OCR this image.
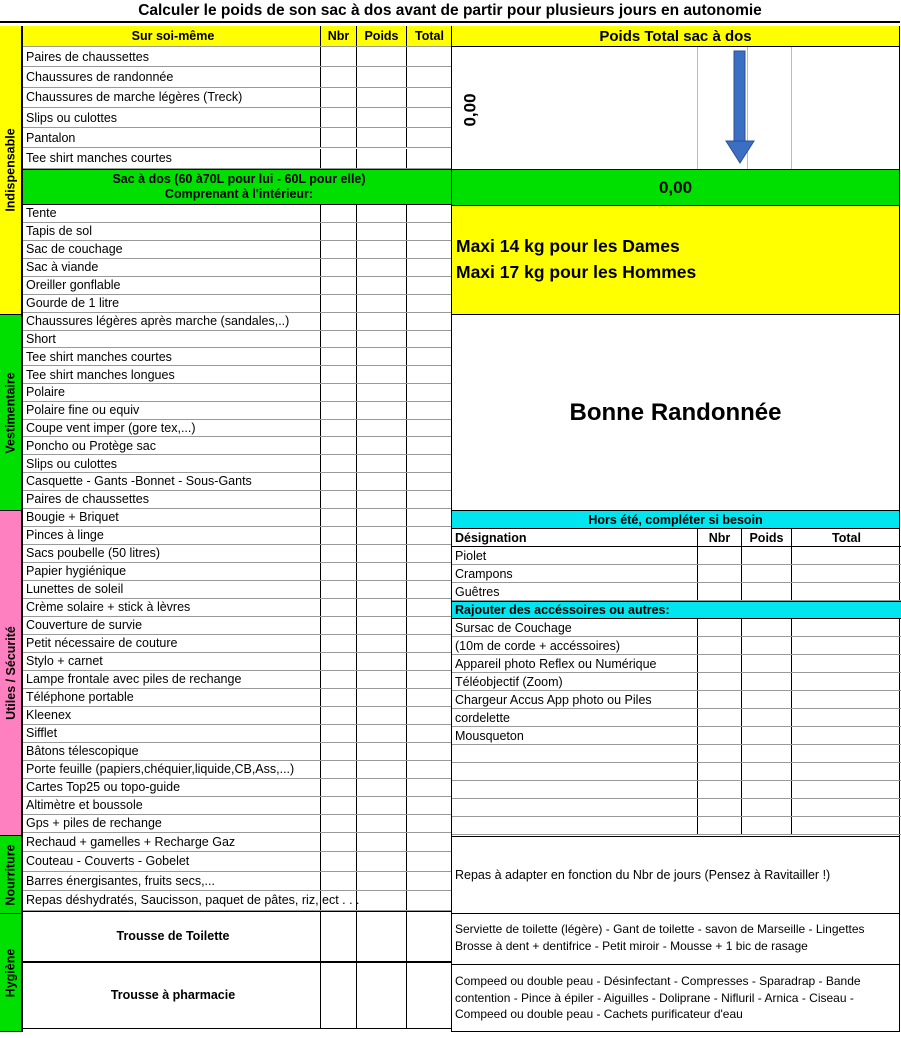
Calculer le poids de son sac à dos avant de partir pour plusieurs jours en autonomie
Indispensable
Vestimentaire
Utiles / Sécurité
Nourriture
Hygiène
Sur soi-même	Nbr	Poids	Total
Paires de chaussettes
Chaussures de randonnée
Chaussures de marche légères (Treck)
Slips ou culottes
Pantalon
Tee shirt manches courtes
Sac à dos (60 à70L pour lui - 60L pour elle)
Comprenant à l'intérieur:
Tente
Tapis de sol
Sac de couchage
Sac à viande
Oreiller gonflable
Gourde de 1 litre
Chaussures légères après marche (sandales,..)
Short
Tee shirt manches courtes
Tee shirt manches longues
Polaire
Polaire fine ou equiv
Coupe vent imper (gore tex,...)
Poncho ou Protège sac
Slips ou culottes
Casquette - Gants -Bonnet - Sous-Gants
Paires de chaussettes
Bougie + Briquet
Pinces à linge
Sacs poubelle (50 litres)
Papier hygiénique
Lunettes de soleil
Crème solaire + stick à lèvres
Couverture de survie
Petit nécessaire de couture
Stylo + carnet
Lampe frontale avec piles de rechange
Téléphone portable
Kleenex
Sifflet
Bâtons télescopique
Porte feuille (papiers,chéquier,liquide,CB,Ass,...)
Cartes Top25 ou topo-guide
Altimètre et boussole
Gps + piles de rechange
Rechaud + gamelles + Recharge Gaz
Couteau - Couverts - Gobelet
Barres énergisantes, fruits secs,...
Repas déshydratés, Saucisson, paquet de pâtes, riz, ect . . .
Trousse de Toilette
Trousse à pharmacie
Poids Total sac à dos
0,00
0,00
Maxi 14 kg pour les Dames
Maxi 17 kg pour les Hommes
Bonne Randonnée
Hors été, compléter si besoin
Désignation	Nbr	Poids	Total
Piolet
Crampons
Guêtres
Rajouter des accéssoires ou autres:
Sursac de Couchage
(10m de corde + accéssoires)
Appareil photo Reflex ou Numérique
Téléobjectif (Zoom)
Chargeur Accus App photo ou Piles
cordelette
Mousqueton
Repas à adapter en fonction du Nbr de jours (Pensez à Ravitailler !)
Serviette de toilette (légère) - Gant de toilette - savon de Marseille - Lingettes Brosse à dent + dentifrice - Petit miroir - Mousse + 1 bic de rasage
Compeed ou double peau - Désinfectant - Compresses - Sparadrap - Bande contention - Pince à épiler - Aiguilles - Doliprane - Nifluril - Arnica - Ciseau - Compeed ou double peau - Cachets purificateur d'eau
